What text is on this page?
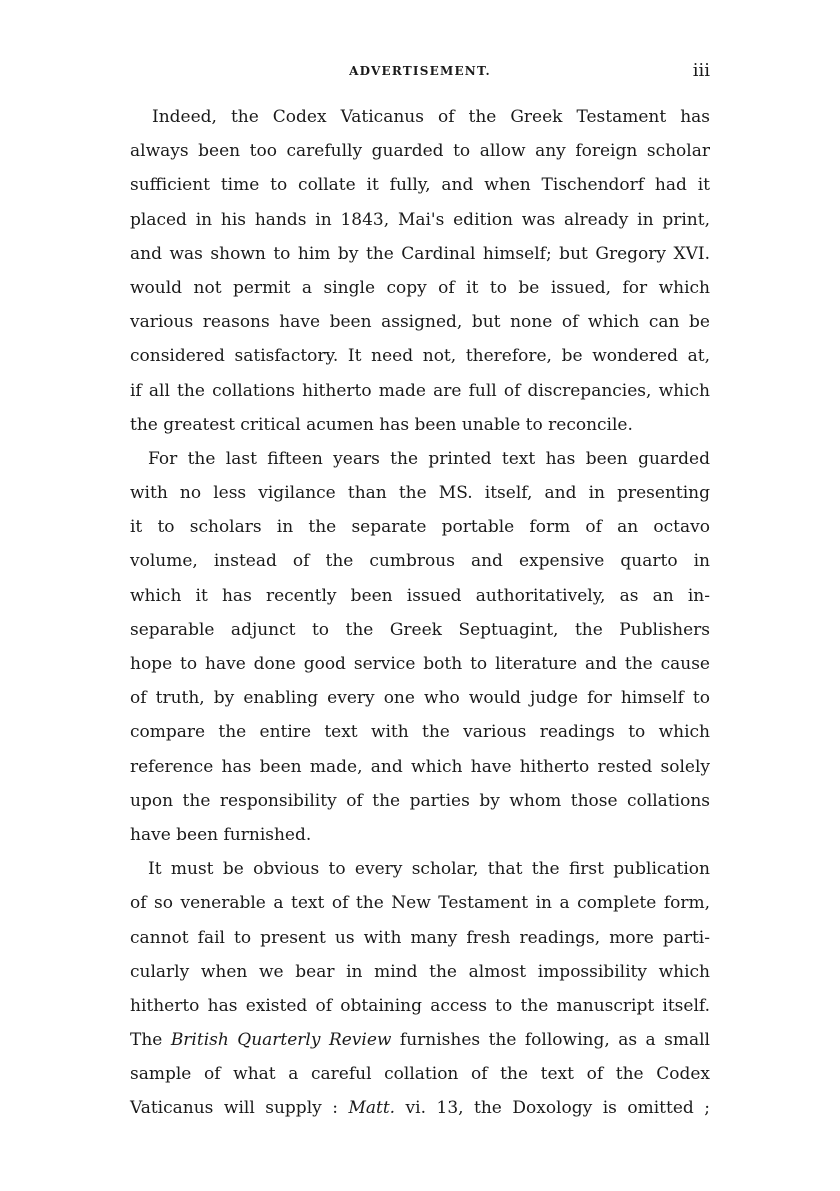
ADVERTISEMENT.	iii
Indeed, the Codex Vaticanus of the Greek Testament has
always been too carefully guarded to allow any foreign scholar
sufficient time to collate it fully, and when Tischendorf had it
placed in his hands in 1843, Mai's edition was already in print,
and was shown to him by the Cardinal himself; but Gregory XVI.
would not permit a single copy of it to be issued, for which
various reasons have been assigned, but none of which can be
considered satisfactory. It need not, therefore, be wondered at,
if all the collations hitherto made are full of discrepancies, which
the greatest critical acumen has been unable to reconcile.
For the last fifteen years the printed text has been guarded
with no less vigilance than the MS. itself, and in presenting
it to scholars in the separate portable form of an octavo
volume, instead of the cumbrous and expensive quarto in
which it has recently been issued authoritatively, as an in-
separable adjunct to the Greek Septuagint, the Publishers
hope to have done good service both to literature and the cause
of truth, by enabling every one who would judge for himself to
compare the entire text with the various readings to which
reference has been made, and which have hitherto rested solely
upon the responsibility of the parties by whom those collations
have been furnished.
It must be obvious to every scholar, that the first publication
of so venerable a text of the New Testament in a complete form,
cannot fail to present us with many fresh readings, more parti-
cularly when we bear in mind the almost impossibility which
hitherto has existed of obtaining access to the manuscript itself.
The British Quarterly Review furnishes the following, as a small
sample of what a careful collation of the text of the Codex
Vaticanus will supply : Matt. vi. 13, the Doxology is omitted ;
